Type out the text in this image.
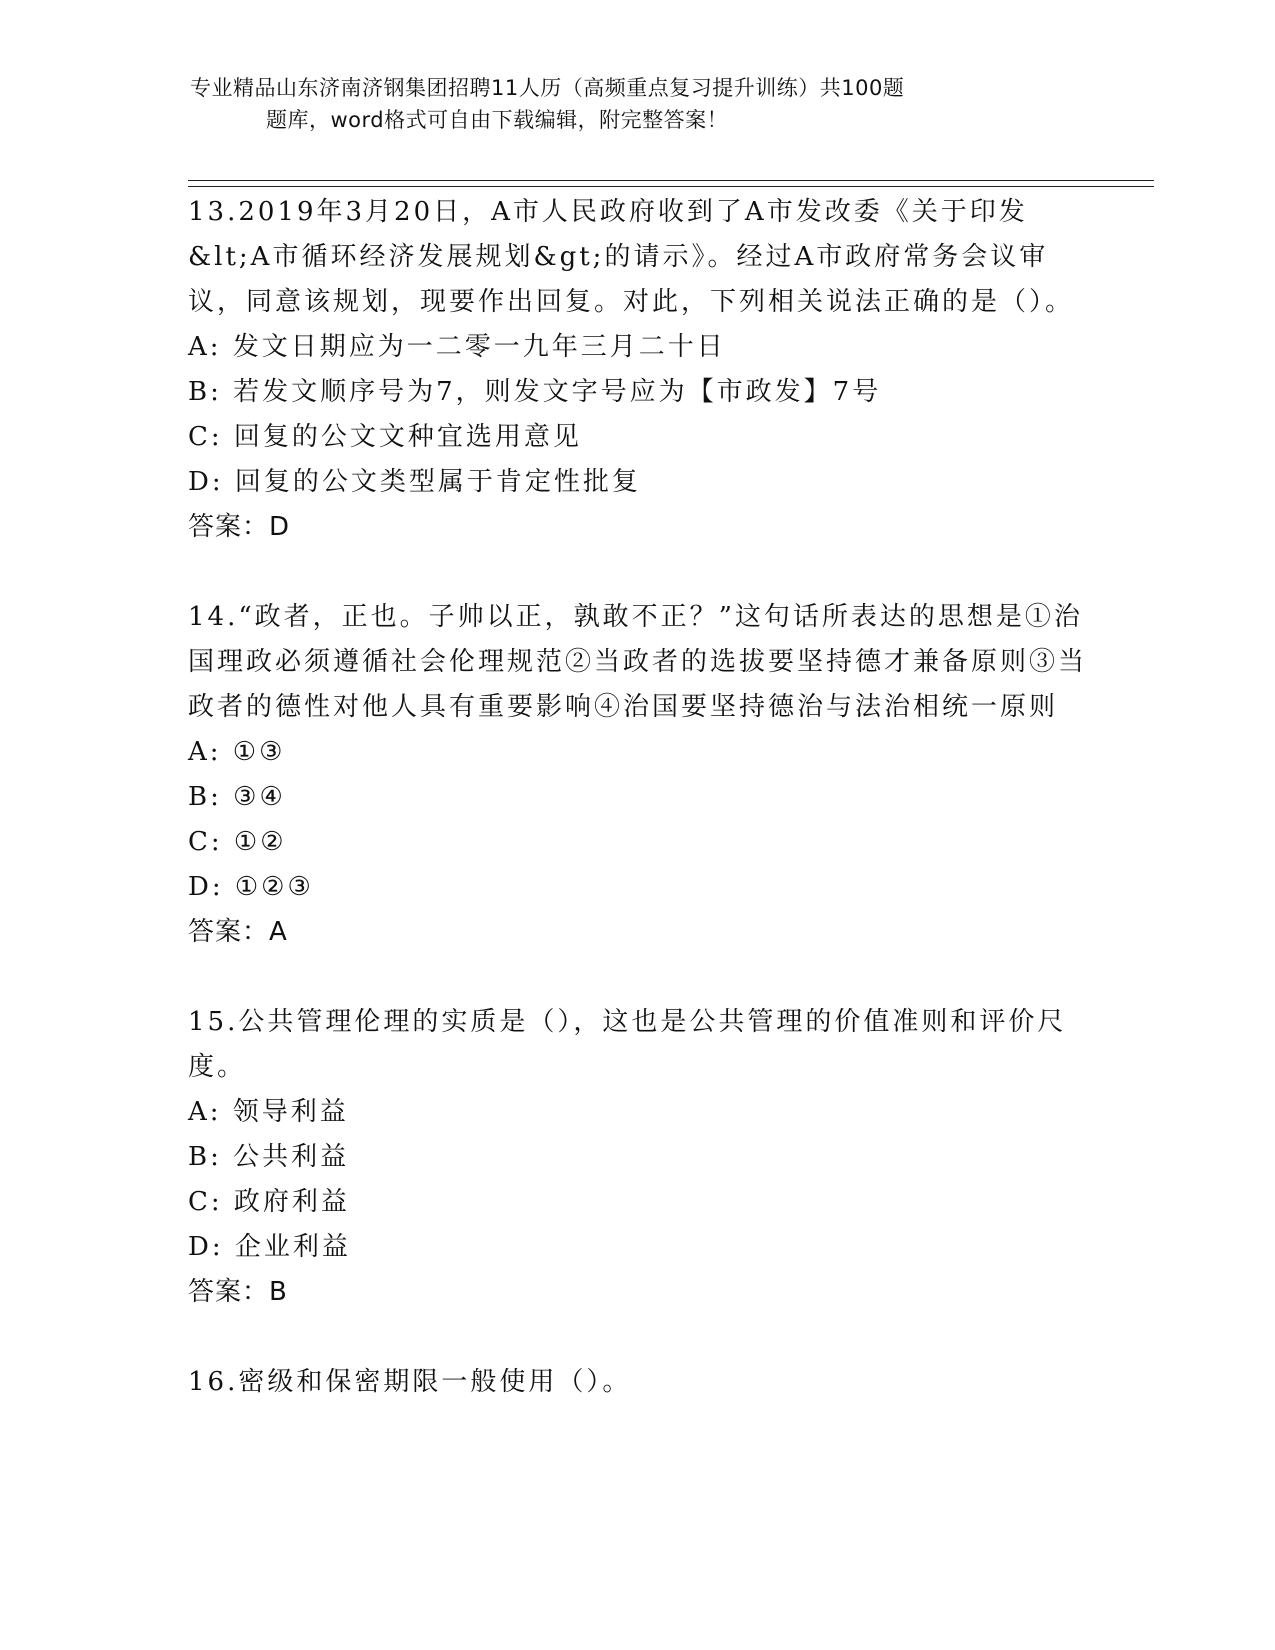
专业精品山东济南济钢集团招聘11人历（高频重点复习提升训练）共100题
题库，word格式可自由下载编辑，附完整答案！

13.2019年3月20日，A市人民政府收到了A市发改委《关于印发&lt;A市循环经济发展规划&gt;的请示》。经过A市政府常务会议审议，同意该规划，现要作出回复。对此，下列相关说法正确的是（）。

A: 发文日期应为一二零一九年三月二十日

B: 若发文顺序号为7，则发文字号应为【市政发】7号

C: 回复的公文文种宜选用意见

D: 回复的公文类型属于肯定性批复

答案：D

14.“政者，正也。子帅以正，孰敢不正？”这句话所表达的思想是①治国理政必须遵循社会伦理规范②当政者的选拔要坚持德才兼备原则③当政者的德性对他人具有重要影响④治国要坚持德治与法治相统一原则

A: ①③

B: ③④

C: ①②

D: ①②③

答案：A

15.公共管理伦理的实质是（），这也是公共管理的价值准则和评价尺度。

A: 领导利益

B: 公共利益

C: 政府利益

D: 企业利益

答案：B

16.密级和保密期限一般使用（）。
